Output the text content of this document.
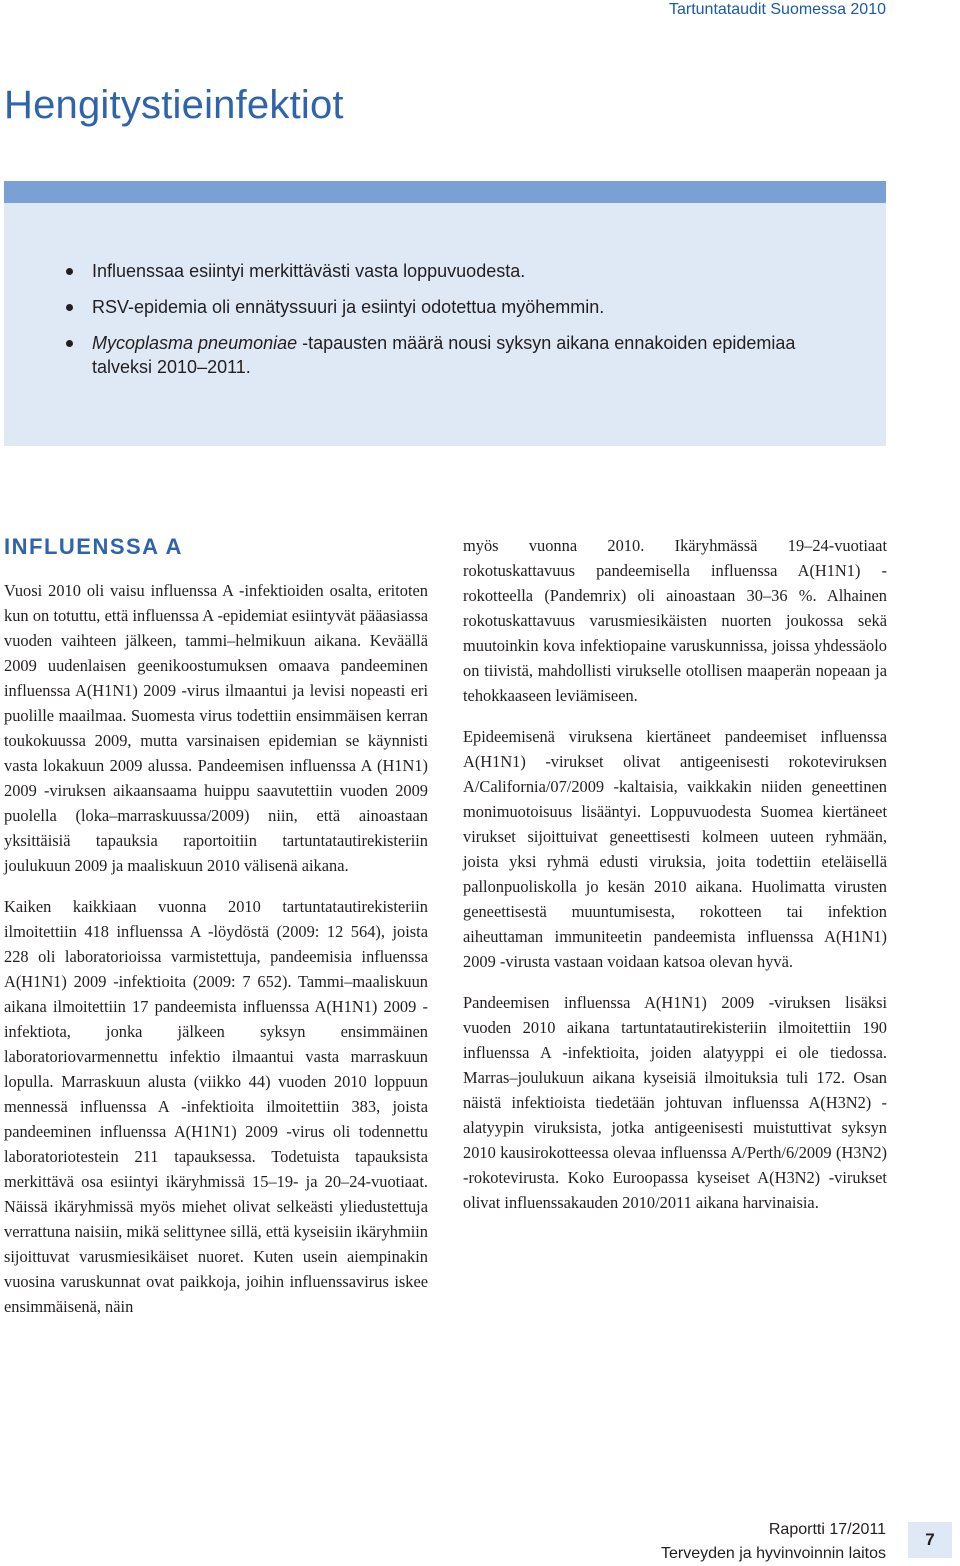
Tartuntataudit Suomessa 2010
Hengitystieinfektiot
Influenssaa esiintyi merkittävästi vasta loppuvuodesta.
RSV-epidemia oli ennätyssuuri ja esiintyi odotettua myöhemmin.
Mycoplasma pneumoniae -tapausten määrä nousi syksyn aikana ennakoiden epidemiaa talveksi 2010–2011.
INFLUENSSA A

Vuosi 2010 oli vaisu influenssa A -infektioiden osalta, eritoten kun on totuttu, että influenssa A -epidemiat esiintyvät pääasiassa vuoden vaihteen jälkeen, tammi–helmikuun aikana. Keväällä 2009 uudenlaisen geenikoostumuksen omaava pandeeminen influenssa A(H1N1) 2009 -virus ilmaantui ja levisi nopeasti eri puolille maailmaa. Suomesta virus todettiin ensimmäisen kerran toukokuussa 2009, mutta varsinaisen epidemian se käynnisti vasta lokakuun 2009 alussa. Pandeemisen influenssa A (H1N1) 2009 -viruksen aikaansaama huippu saavutettiin vuoden 2009 puolella (loka–marraskuussa/2009) niin, että ainoastaan yksittäisiä tapauksia raportoitiin tartuntatautirekisteriin joulukuun 2009 ja maaliskuun 2010 välisenä aikana.

Kaiken kaikkiaan vuonna 2010 tartuntatautirekisteriin ilmoitettiin 418 influenssa A -löydöstä (2009: 12 564), joista 228 oli laboratorioissa varmistettuja, pandeemisia influenssa A(H1N1) 2009 -infektioita (2009: 7 652). Tammi–maaliskuun aikana ilmoitettiin 17 pandeemista influenssa A(H1N1) 2009 -infektiota, jonka jälkeen syksyn ensimmäinen laboratoriovarmennettu infektio ilmaantui vasta marraskuun lopulla. Marraskuun alusta (viikko 44) vuoden 2010 loppuun mennessä influenssa A -infektioita ilmoitettiin 383, joista pandeeminen influenssa A(H1N1) 2009 -virus oli todennettu laboratoriotestein 211 tapauksessa. Todetuista tapauksista merkittävä osa esiintyi ikäryhmissä 15–19- ja 20–24-vuotiaat. Näissä ikäryhmissä myös miehet olivat selkeästi yliedustettuja verrattuna naisiin, mikä selittynee sillä, että kyseisiin ikäryhmiin sijoittuvat varusmiesikäiset nuoret. Kuten usein aiempinakin vuosina varuskunnat ovat paikkoja, joihin influenssavirus iskee ensimmäisenä, näin

myös vuonna 2010. Ikäryhmässä 19–24-vuotiaat rokotuskattavuus pandeemisella influenssa A(H1N1) -rokotteella (Pandemrix) oli ainoastaan 30–36 %. Alhainen rokotuskattavuus varusmiesikäisten nuorten joukossa sekä muutoinkin kova infektiopaine varuskunnissa, joissa yhdessäolo on tiivistä, mahdollisti virukselle otollisen maaperän nopeaan ja tehokkaaseen leviämiseen.

Epideemisenä viruksena kiertäneet pandeemiset influenssa A(H1N1) -virukset olivat antigeenisesti rokoteviruksen A/California/07/2009 -kaltaisia, vaikkakin niiden geneettinen monimuotoisuus lisääntyi. Loppuvuodesta Suomea kiertäneet virukset sijoittuivat geneettisesti kolmeen uuteen ryhmään, joista yksi ryhmä edusti viruksia, joita todettiin eteläisellä pallonpuoliskolla jo kesän 2010 aikana. Huolimatta virusten geneettisestä muuntumisesta, rokotteen tai infektion aiheuttaman immuniteetin pandeemista influenssa A(H1N1) 2009 -virusta vastaan voidaan katsoa olevan hyvä.

Pandeemisen influenssa A(H1N1) 2009 -viruksen lisäksi vuoden 2010 aikana tartuntatautirekisteriin ilmoitettiin 190 influenssa A -infektioita, joiden alatyyppi ei ole tiedossa. Marras–joulukuun aikana kyseisiä ilmoituksia tuli 172. Osan näistä infektioista tiedetään johtuvan influenssa A(H3N2) -alatyypin viruksista, jotka antigeenisesti muistuttivat syksyn 2010 kausirokotteessa olevaa influenssa A/Perth/6/2009 (H3N2) -rokotevirusta. Koko Euroopassa kyseiset A(H3N2) -virukset olivat influenssakauden 2010/2011 aikana harvinaisia.

Raportti 17/2011
Terveyden ja hyvinvoinnin laitos
7
